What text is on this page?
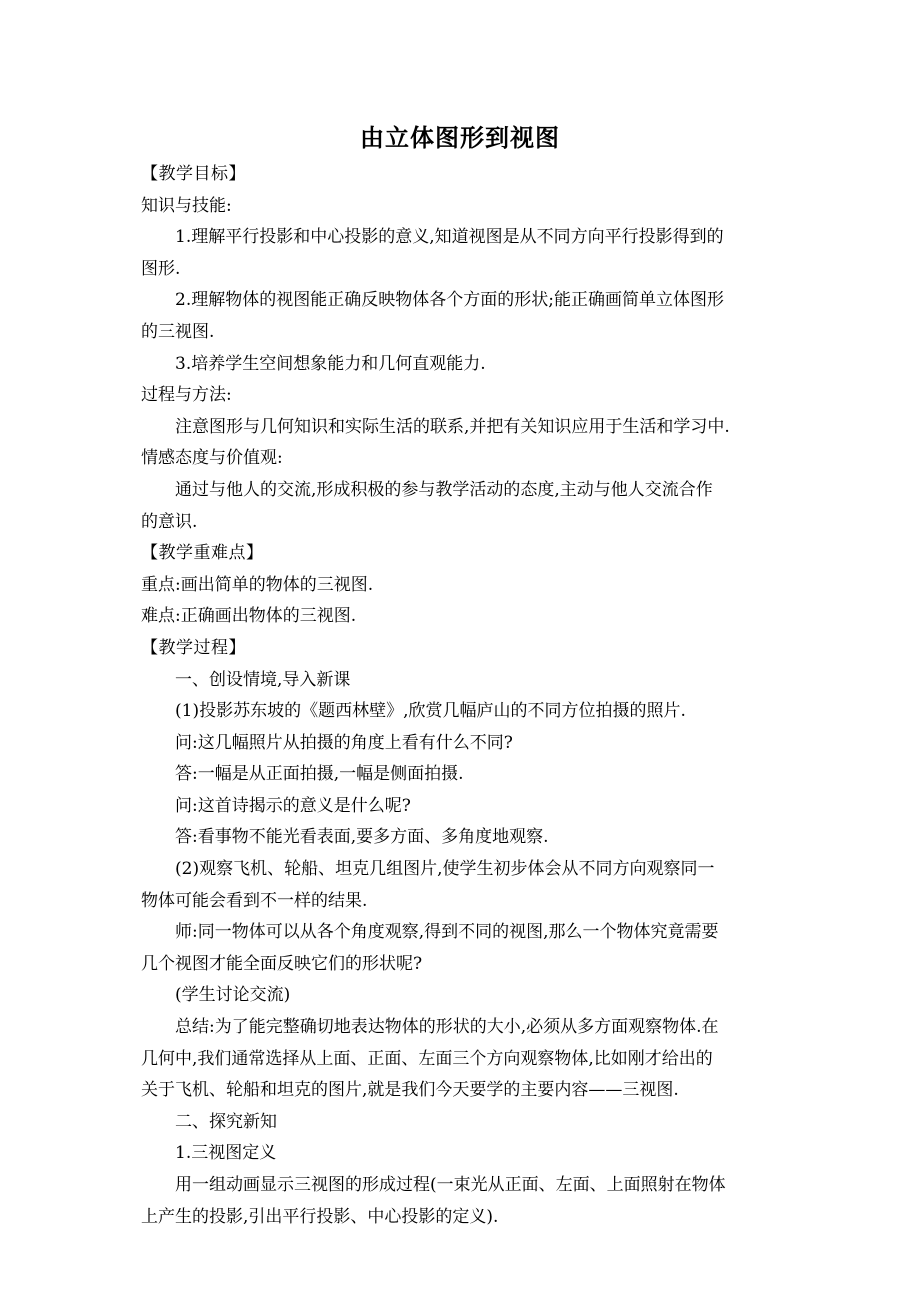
由立体图形到视图
【教学目标】
知识与技能:
1.理解平行投影和中心投影的意义,知道视图是从不同方向平行投影得到的
图形.
2.理解物体的视图能正确反映物体各个方面的形状;能正确画简单立体图形
的三视图.
3.培养学生空间想象能力和几何直观能力.
过程与方法:
注意图形与几何知识和实际生活的联系,并把有关知识应用于生活和学习中.
情感态度与价值观:
通过与他人的交流,形成积极的参与教学活动的态度,主动与他人交流合作
的意识.
【教学重难点】
重点:画出简单的物体的三视图.
难点:正确画出物体的三视图.
【教学过程】
一、创设情境,导入新课
(1)投影苏东坡的《题西林壁》,欣赏几幅庐山的不同方位拍摄的照片.
问:这几幅照片从拍摄的角度上看有什么不同?
答:一幅是从正面拍摄,一幅是侧面拍摄.
问:这首诗揭示的意义是什么呢?
答:看事物不能光看表面,要多方面、多角度地观察.
(2)观察飞机、轮船、坦克几组图片,使学生初步体会从不同方向观察同一
物体可能会看到不一样的结果.
师:同一物体可以从各个角度观察,得到不同的视图,那么一个物体究竟需要
几个视图才能全面反映它们的形状呢?
(学生讨论交流)
总结:为了能完整确切地表达物体的形状的大小,必须从多方面观察物体.在
几何中,我们通常选择从上面、正面、左面三个方向观察物体,比如刚才给出的
关于飞机、轮船和坦克的图片,就是我们今天要学的主要内容——三视图.
二、探究新知
1.三视图定义
用一组动画显示三视图的形成过程(一束光从正面、左面、上面照射在物体
上产生的投影,引出平行投影、中心投影的定义).
